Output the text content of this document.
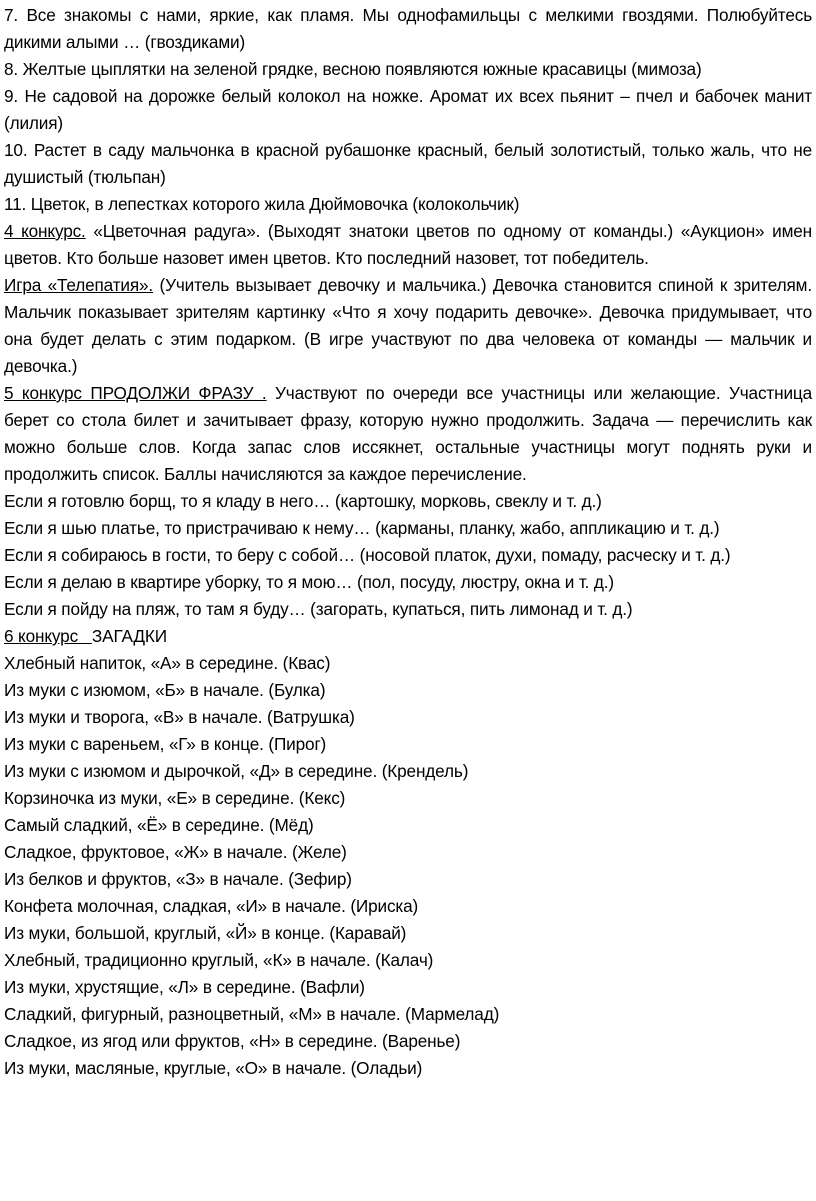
7. Все знакомы с нами, яркие, как пламя. Мы однофамильцы с мелкими гвоздями. Полюбуйтесь дикими алыми … (гвоздиками)

8. Желтые цыплятки на зеленой грядке, весною появляются южные красавицы (мимоза)

9. Не садовой на дорожке белый колокол на ножке. Аромат их всех пьянит – пчел и бабочек манит (лилия)

10. Растет в саду мальчонка в красной рубашонке красный, белый золотистый, только жаль, что не душистый (тюльпан)

11. Цветок, в лепестках которого жила Дюймовочка (колокольчик)

4 конкурс. «Цветочная радуга». (Выходят знатоки цветов по одному от команды.) «Аукцион» имен цветов. Кто больше назовет имен цветов. Кто последний назовет, тот победитель.

Игра «Телепатия». (Учитель вызывает девочку и мальчика.) Девочка становится спиной к зрителям. Мальчик показывает зрителям картинку «Что я хочу подарить девочке». Девочка придумывает, что она будет делать с этим подарком. (В игре участвуют по два человека от команды — мальчик и девочка.)

5 конкурс ПРОДОЛЖИ ФРАЗУ . Участвуют по очереди все участницы или желающие. Участница берет со стола билет и зачитывает фразу, которую нужно продолжить. Задача — перечислить как можно больше слов. Когда запас слов иссякнет, остальные участницы могут поднять руки и продолжить список. Баллы начисляются за каждое перечисление.

Если я готовлю борщ, то я кладу в него… (картошку, морковь, свеклу и т. д.)

Если я шью платье, то пристрачиваю к нему… (карманы, планку, жабо, аппликацию и т. д.)

Если я собираюсь в гости, то беру с собой… (носовой платок, духи, помаду, расческу и т. д.)

Если я делаю в квартире уборку, то я мою… (пол, посуду, люстру, окна и т. д.)

Если я пойду на пляж, то там я буду… (загорать, купаться, пить лимонад и т. д.)

6 конкурс ЗАГАДКИ

Хлебный напиток, «А» в середине. (Квас)

Из муки с изюмом, «Б» в начале. (Булка)

Из муки и творога, «В» в начале. (Ватрушка)

Из муки с вареньем, «Г» в конце. (Пирог)

Из муки с изюмом и дырочкой, «Д» в середине. (Крендель)

Корзиночка из муки, «Е» в середине. (Кекс)

Самый сладкий, «Ё» в середине. (Мёд)

Сладкое, фруктовое, «Ж» в начале. (Желе)

Из белков и фруктов, «З» в начале. (Зефир)

Конфета молочная, сладкая, «И» в начале. (Ириска)

Из муки, большой, круглый, «Й» в конце. (Каравай)

Хлебный, традиционно круглый, «К» в начале. (Калач)

Из муки, хрустящие, «Л» в середине. (Вафли)

Сладкий, фигурный, разноцветный, «М» в начале. (Мармелад)

Сладкое, из ягод или фруктов, «Н» в середине. (Варенье)

Из муки, масляные, круглые, «О» в начале. (Оладьи)
